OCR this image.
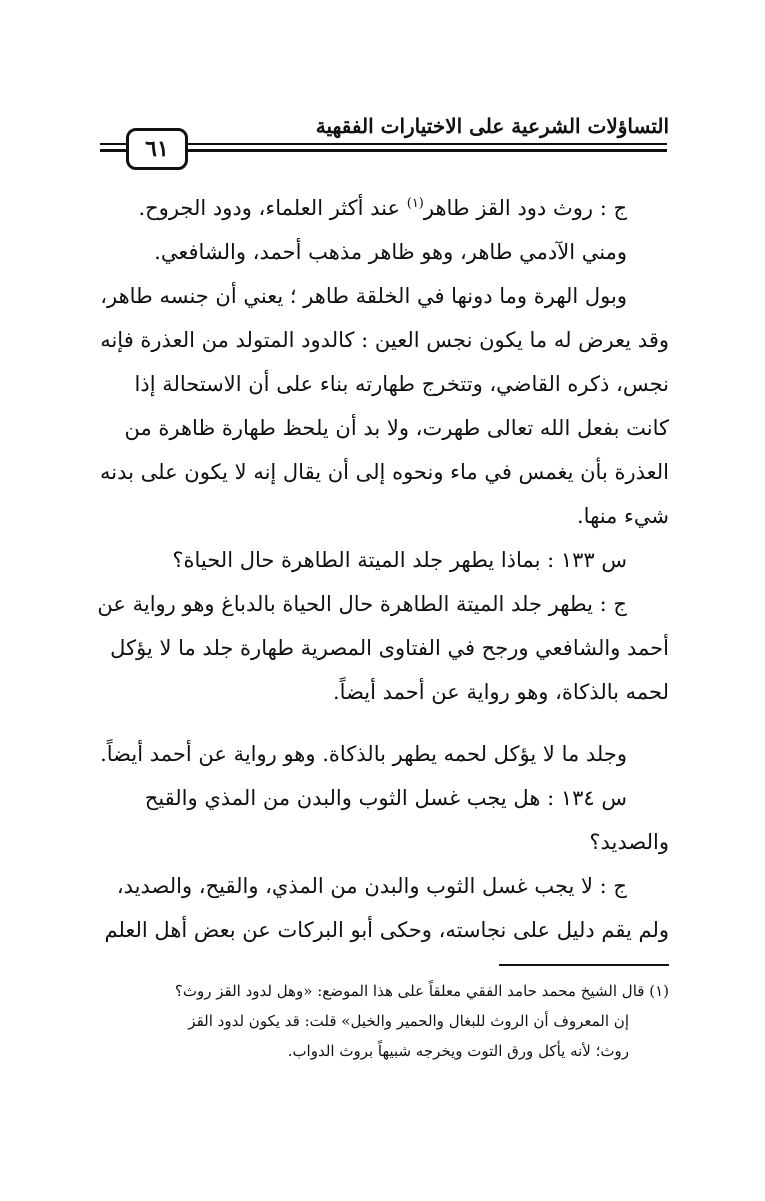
التساؤلات الشرعية على الاختيارات الفقهية
٦١

ج : روث دود القز طاهر$^{(١)}$ عند أكثر العلماء، ودود الجروح.

ومني الآدمي طاهر، وهو ظاهر مذهب أحمد، والشافعي.

وبول الهرة وما دونها في الخلقة طاهر ؛ يعني أن جنسه طاهر،
وقد يعرض له ما يكون نجس العين : كالدود المتولد من العذرة فإنه
نجس، ذكره القاضي، وتتخرج طهارته بناء على أن الاستحالة إذا
كانت بفعل الله تعالى طهرت، ولا بد أن يلحظ طهارة ظاهرة من
العذرة بأن يغمس في ماء ونحوه إلى أن يقال إنه لا يكون على بدنه
شيء منها.

س ١٣٣ : بماذا يطهر جلد الميتة الطاهرة حال الحياة؟

ج : يطهر جلد الميتة الطاهرة حال الحياة بالدباغ وهو رواية عن
أحمد والشافعي ورجح في الفتاوى المصرية طهارة جلد ما لا يؤكل
لحمه بالذكاة، وهو رواية عن أحمد أيضاً.

وجلد ما لا يؤكل لحمه يطهر بالذكاة. وهو رواية عن أحمد أيضاً.

س ١٣٤ : هل يجب غسل الثوب والبدن من المذي والقيح
والصديد؟

ج : لا يجب غسل الثوب والبدن من المذي، والقيح، والصديد،
ولم يقم دليل على نجاسته، وحكى أبو البركات عن بعض أهل العلم

(١) قال الشيخ محمد حامد الفقي معلقاً على هذا الموضع: «وهل لدود القز روث؟
إن المعروف أن الروث للبغال والحمير والخيل» قلت: قد يكون لدود القز
روث؛ لأنه يأكل ورق التوت ويخرجه شبيهاً بروث الدواب.
